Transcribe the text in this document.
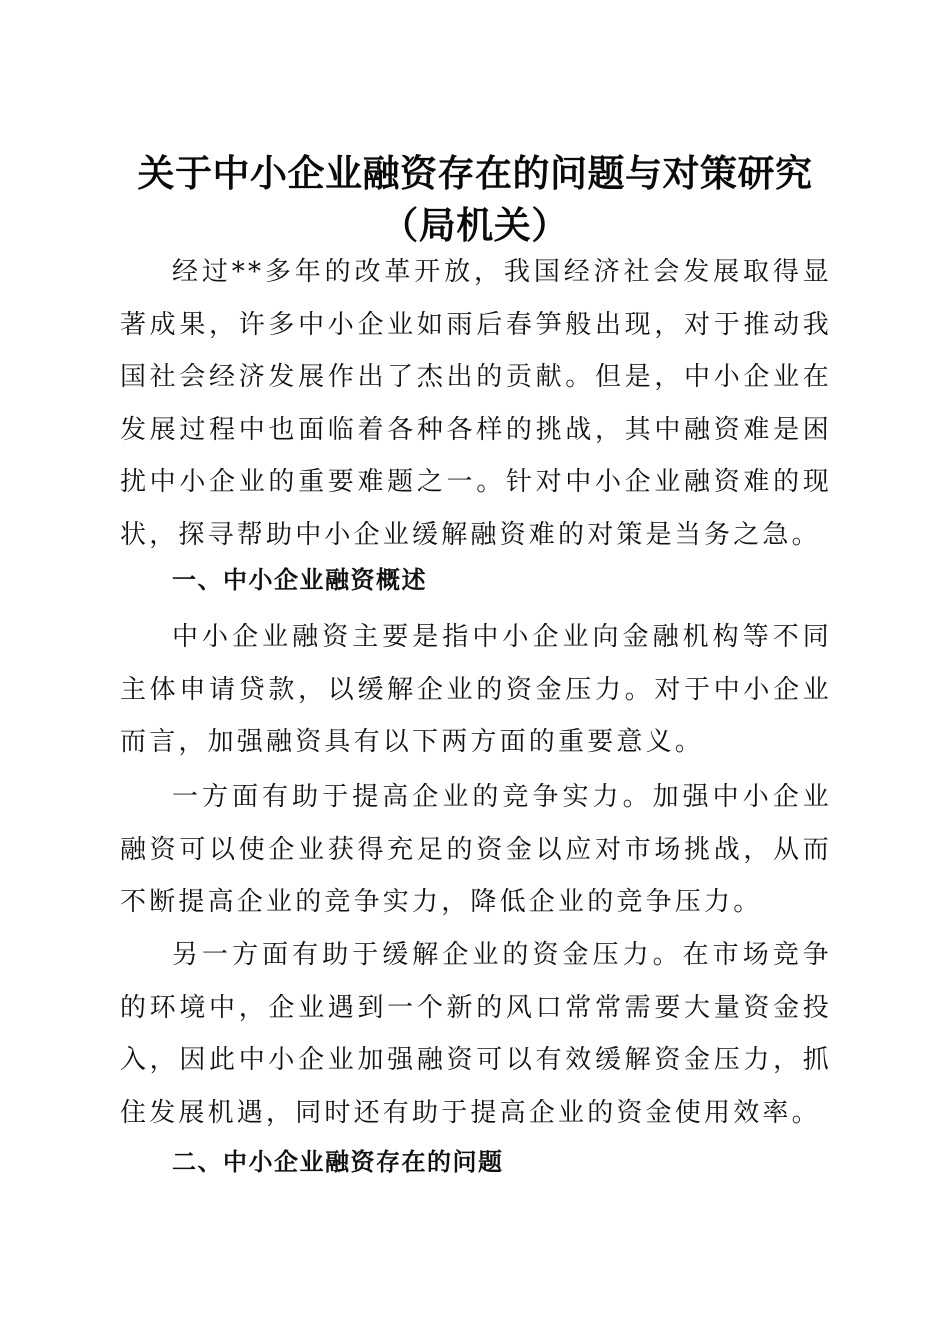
关于中小企业融资存在的问题与对策研究（局机关）

经过**多年的改革开放，我国经济社会发展取得显著成果，许多中小企业如雨后春笋般出现，对于推动我国社会经济发展作出了杰出的贡献。但是，中小企业在发展过程中也面临着各种各样的挑战，其中融资难是困扰中小企业的重要难题之一。针对中小企业融资难的现状，探寻帮助中小企业缓解融资难的对策是当务之急。

一、中小企业融资概述

中小企业融资主要是指中小企业向金融机构等不同主体申请贷款，以缓解企业的资金压力。对于中小企业而言，加强融资具有以下两方面的重要意义。

一方面有助于提高企业的竞争实力。加强中小企业融资可以使企业获得充足的资金以应对市场挑战，从而不断提高企业的竞争实力，降低企业的竞争压力。

另一方面有助于缓解企业的资金压力。在市场竞争的环境中，企业遇到一个新的风口常常需要大量资金投入，因此中小企业加强融资可以有效缓解资金压力，抓住发展机遇，同时还有助于提高企业的资金使用效率。

二、中小企业融资存在的问题
